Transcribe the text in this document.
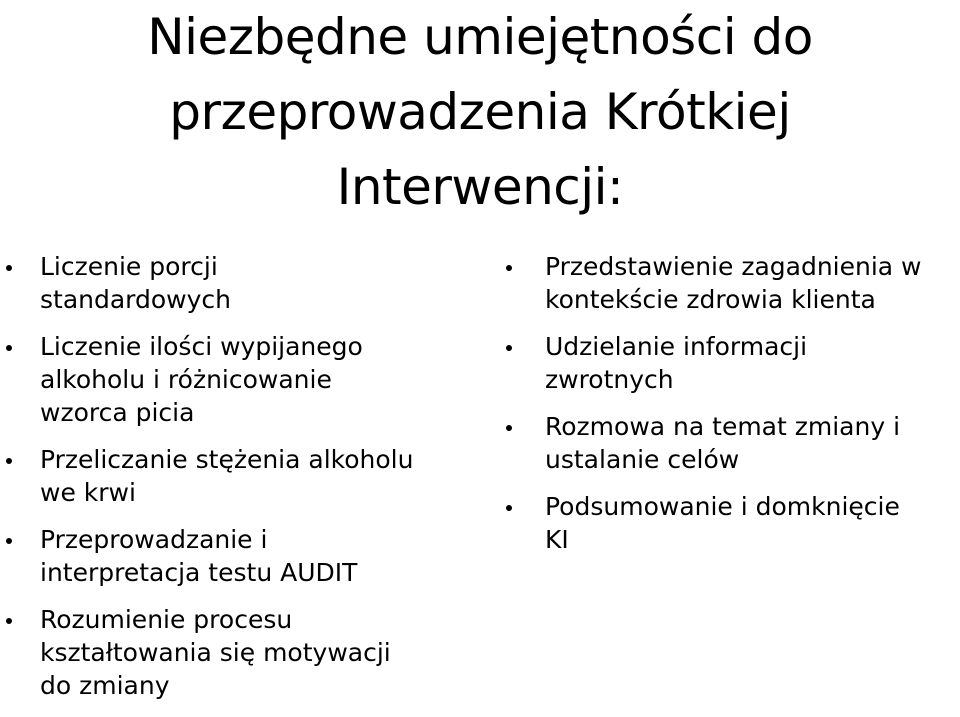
Niezbędne umiejętności do
przeprowadzenia Krótkiej
Interwencji:
Liczenie porcji
standardowych
Liczenie ilości wypijanego
alkoholu i różnicowanie
wzorca picia
Przeliczanie stężenia alkoholu
we krwi
Przeprowadzanie i
interpretacja testu AUDIT
Rozumienie procesu
kształtowania się motywacji
do zmiany
Przedstawienie zagadnienia w
kontekście zdrowia klienta
Udzielanie informacji
zwrotnych
Rozmowa na temat zmiany i
ustalanie celów
Podsumowanie i domknięcie
KI
